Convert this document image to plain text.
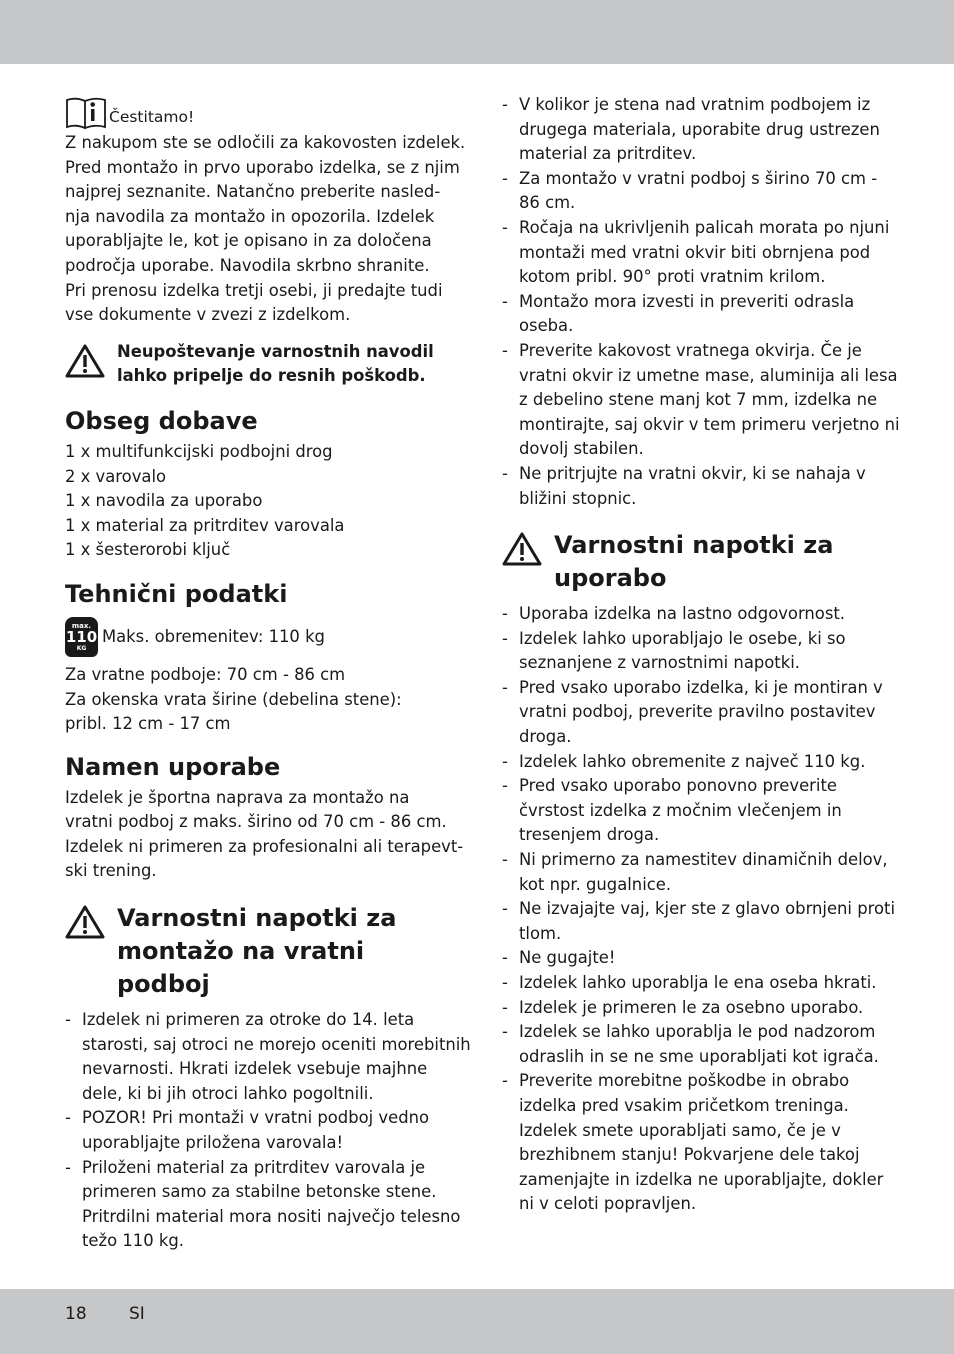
Čestitamo!
Z nakupom ste se odločili za kakovosten izdelek.
Pred montažo in prvo uporabo izdelka, se z njim
najprej seznanite. Natančno preberite nasled-
nja navodila za montažo in opozorila. Izdelek
uporabljajte le, kot je opisano in za določena
področja uporabe. Navodila skrbno shranite.
Pri prenosu izdelka tretji osebi, ji predajte tudi
vse dokumente v zvezi z izdelkom.
Neupoštevanje varnostnih navodil
lahko pripelje do resnih poškodb.
Obseg dobave
1 x multifunkcijski podbojni drog
2 x varovalo
1 x navodila za uporabo
1 x material za pritrditev varovala
1 x šesterorobi ključ
Tehnični podatki
max.
110
KG
Maks. obremenitev: 110 kg
Za vratne podboje: 70 cm - 86 cm
Za okenska vrata širine (debelina stene):
pribl. 12 cm - 17 cm
Namen uporabe
Izdelek je športna naprava za montažo na
vratni podboj z maks. širino od 70 cm - 86 cm.
Izdelek ni primeren za profesionalni ali terapevt-
ski trening.
Varnostni napotki za
montažo na vratni
podboj
- Izdelek ni primeren za otroke do 14. leta
starosti, saj otroci ne morejo oceniti morebitnih
nevarnosti. Hkrati izdelek vsebuje majhne
dele, ki bi jih otroci lahko pogoltnili.
- POZOR! Pri montaži v vratni podboj vedno
uporabljajte priložena varovala!
- Priloženi material za pritrditev varovala je
primeren samo za stabilne betonske stene.
Pritrdilni material mora nositi največjo telesno
težo 110 kg.
- V kolikor je stena nad vratnim podbojem iz
drugega materiala, uporabite drug ustrezen
material za pritrditev.
- Za montažo v vratni podboj s širino 70 cm -
86 cm.
- Ročaja na ukrivljenih palicah morata po njuni
montaži med vratni okvir biti obrnjena pod
kotom pribl. 90° proti vratnim krilom.
- Montažo mora izvesti in preveriti odrasla
oseba.
- Preverite kakovost vratnega okvirja. Če je
vratni okvir iz umetne mase, aluminija ali lesa
z debelino stene manj kot 7 mm, izdelka ne
montirajte, saj okvir v tem primeru verjetno ni
dovolj stabilen.
- Ne pritrjujte na vratni okvir, ki se nahaja v
bližini stopnic.
Varnostni napotki za
uporabo
- Uporaba izdelka na lastno odgovornost.
- Izdelek lahko uporabljajo le osebe, ki so
seznanjene z varnostnimi napotki.
- Pred vsako uporabo izdelka, ki je montiran v
vratni podboj, preverite pravilno postavitev
droga.
- Izdelek lahko obremenite z največ 110 kg.
- Pred vsako uporabo ponovno preverite
čvrstost izdelka z močnim vlečenjem in
tresenjem droga.
- Ni primerno za namestitev dinamičnih delov,
kot npr. gugalnice.
- Ne izvajajte vaj, kjer ste z glavo obrnjeni proti
tlom.
- Ne gugajte!
- Izdelek lahko uporablja le ena oseba hkrati.
- Izdelek je primeren le za osebno uporabo.
- Izdelek se lahko uporablja le pod nadzorom
odraslih in se ne sme uporabljati kot igrača.
- Preverite morebitne poškodbe in obrabo
izdelka pred vsakim pričetkom treninga.
Izdelek smete uporabljati samo, če je v
brezhibnem stanju! Pokvarjene dele takoj
zamenjajte in izdelka ne uporabljajte, dokler
ni v celoti popravljen.
18 SI
